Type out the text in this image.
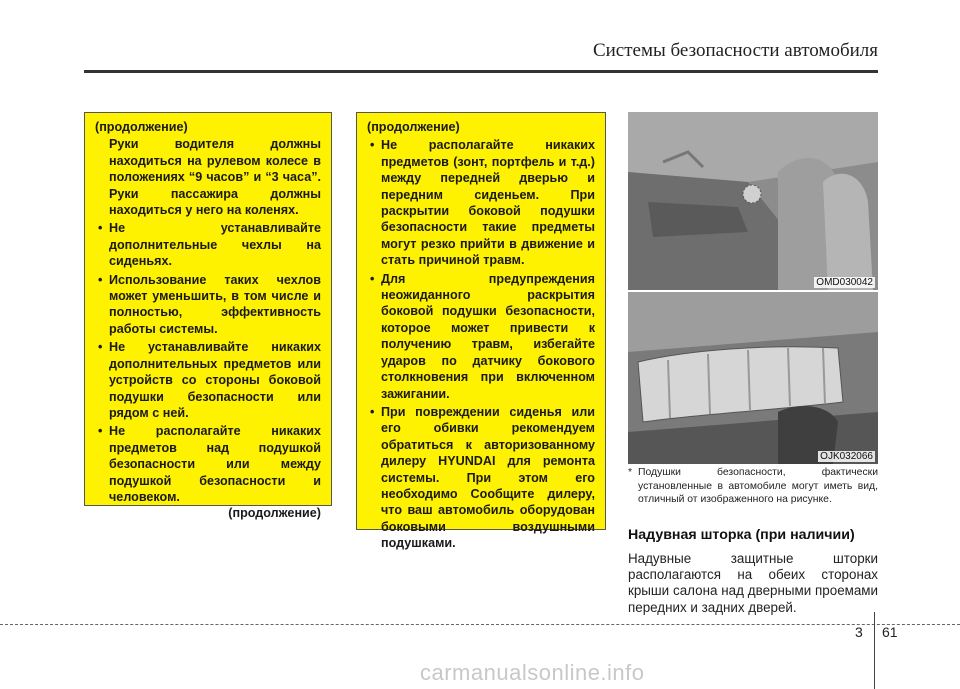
Системы безопасности автомобиля
(продолжение)

Руки водителя должны находиться на рулевом колесе в положениях “9 часов” и “3 часа”. Руки пассажира должны находиться у него на коленях.

• Не устанавливайте дополнительные чехлы на сиденьях.
• Использование таких чехлов может уменьшить, в том числе и полностью, эффективность работы системы.
• Не устанавливайте никаких дополнительных предметов или устройств со стороны боковой подушки безопасности или рядом с ней.
• Не располагайте никаких предметов над подушкой безопасности или между подушкой безопасности и человеком.
(продолжение)
(продолжение)
• Не располагайте никаких предметов (зонт, портфель и т.д.) между передней дверью и передним сиденьем. При раскрытии боковой подушки безопасности такие предметы могут резко прийти в движение и стать причиной травм.
• Для предупреждения неожиданного раскрытия боковой подушки безопасности, которое может привести к получению травм, избегайте ударов по датчику бокового столкновения при включенном зажигании.
• При повреждении сиденья или его обивки рекомендуем обратиться к авторизованному дилеру HYUNDAI для ремонта системы. При этом его необходимо Сообщите дилеру, что ваш автомобиль оборудован боковыми воздушными подушками.
OMD030042
OJK032066
* Подушки безопасности, фактически установленные в автомобиле могут иметь вид, отличный от изображенного на рисунке.
Надувная шторка (при наличии)
Надувные защитные шторки располагаются на обеих сторонах крыши салона над дверными проемами передних и задних дверей.
3 61
carmanualsonline.info
